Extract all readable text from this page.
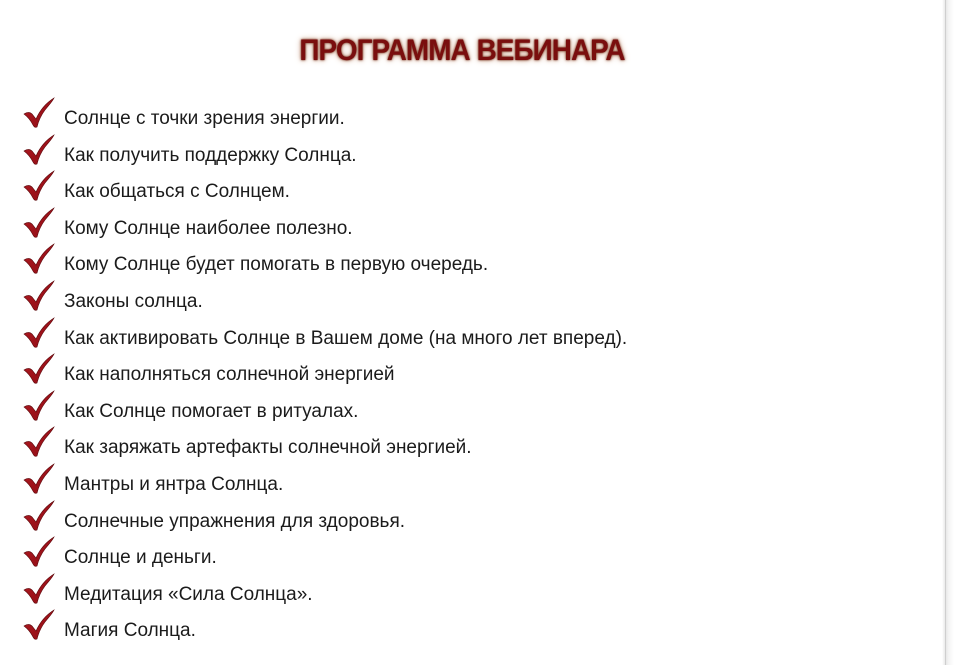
ПРОГРАММА ВЕБИНАРА
Солнце с точки зрения энергии.
Как получить поддержку Солнца.
Как общаться с Солнцем.
Кому Солнце наиболее полезно.
Кому Солнце будет помогать в первую очередь.
Законы солнца.
Как активировать Солнце в Вашем доме (на много лет вперед).
Как наполняться солнечной энергией
Как Солнце помогает в ритуалах.
Как заряжать артефакты солнечной энергией.
Мантры и янтра Солнца.
Солнечные упражнения для здоровья.
Солнце и деньги.
Медитация «Сила Солнца».
Магия Солнца.
